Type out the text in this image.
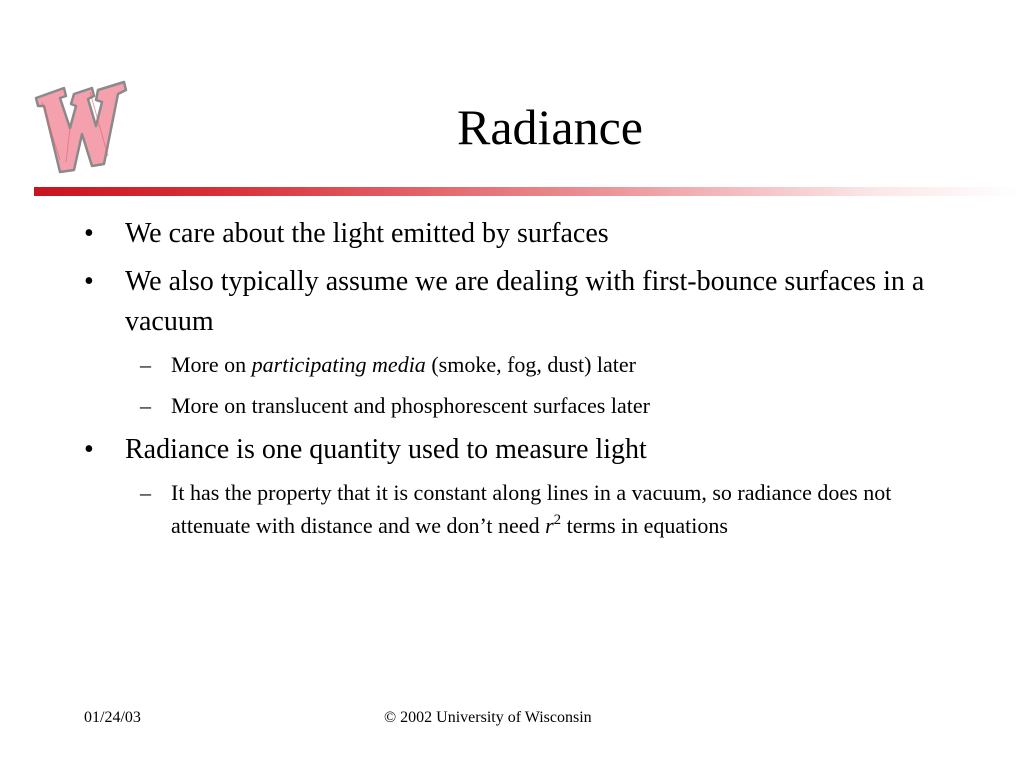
Radiance

• We care about the light emitted by surfaces

• We also typically assume we are dealing with first-bounce surfaces in a vacuum

– More on participating media (smoke, fog, dust) later

– More on translucent and phosphorescent surfaces later

• Radiance is one quantity used to measure light

– It has the property that it is constant along lines in a vacuum, so radiance does not attenuate with distance and we don’t need $r^2$ terms in equations

01/24/03	© 2002 University of Wisconsin
